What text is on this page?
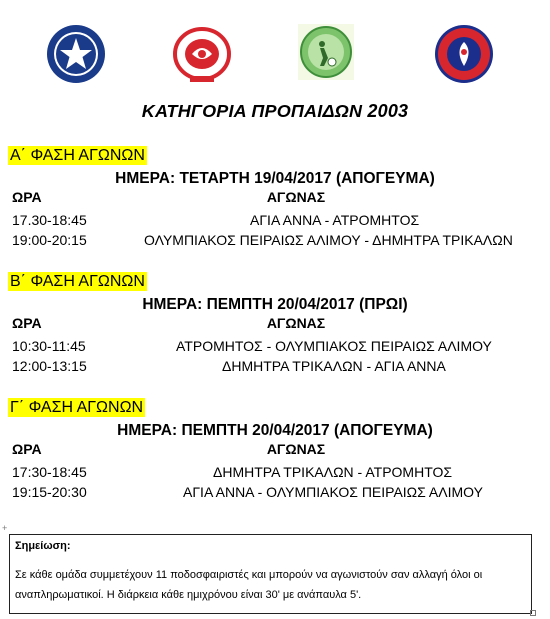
ΚΑΤΗΓΟΡΙΑ ΠΡΟΠΑΙΔΩΝ 2003
Α΄ ΦΑΣΗ ΑΓΩΝΩΝ
ΗΜΕΡΑ: ΤΕΤΑΡΤΗ 19/04/2017 (ΑΠΟΓΕΥΜΑ)
ΩΡΑ	ΑΓΩΝΑΣ
17.30-18:45	ΑΓΙΑ ΑΝΝΑ - ΑΤΡΟΜΗΤΟΣ
19:00-20:15	ΟΛΥΜΠΙΑΚΟΣ ΠΕΙΡΑΙΩΣ ΑΛΙΜΟΥ - ΔΗΜΗΤΡΑ ΤΡΙΚΑΛΩΝ
Β΄ ΦΑΣΗ ΑΓΩΝΩΝ
ΗΜΕΡΑ: ΠΕΜΠΤΗ 20/04/2017 (ΠΡΩΙ)
ΩΡΑ	ΑΓΩΝΑΣ
10:30-11:45	ΑΤΡΟΜΗΤΟΣ - ΟΛΥΜΠΙΑΚΟΣ ΠΕΙΡΑΙΩΣ ΑΛΙΜΟΥ
12:00-13:15	ΔΗΜΗΤΡΑ ΤΡΙΚΑΛΩΝ - ΑΓΙΑ ΑΝΝΑ
Γ΄ ΦΑΣΗ ΑΓΩΝΩΝ
ΗΜΕΡΑ: ΠΕΜΠΤΗ 20/04/2017 (ΑΠΟΓΕΥΜΑ)
ΩΡΑ	ΑΓΩΝΑΣ
17:30-18:45	ΔΗΜΗΤΡΑ ΤΡΙΚΑΛΩΝ - ΑΤΡΟΜΗΤΟΣ
19:15-20:30	ΑΓΙΑ ΑΝΝΑ - ΟΛΥΜΠΙΑΚΟΣ ΠΕΙΡΑΙΩΣ ΑΛΙΜΟΥ
+
Σημείωση:
Σε κάθε ομάδα συμμετέχουν 11 ποδοσφαιριστές και μπορούν να αγωνιστούν σαν αλλαγή όλοι οι αναπληρωματικοί. Η διάρκεια κάθε ημιχρόνου είναι 30' με ανάπαυλα 5'.
